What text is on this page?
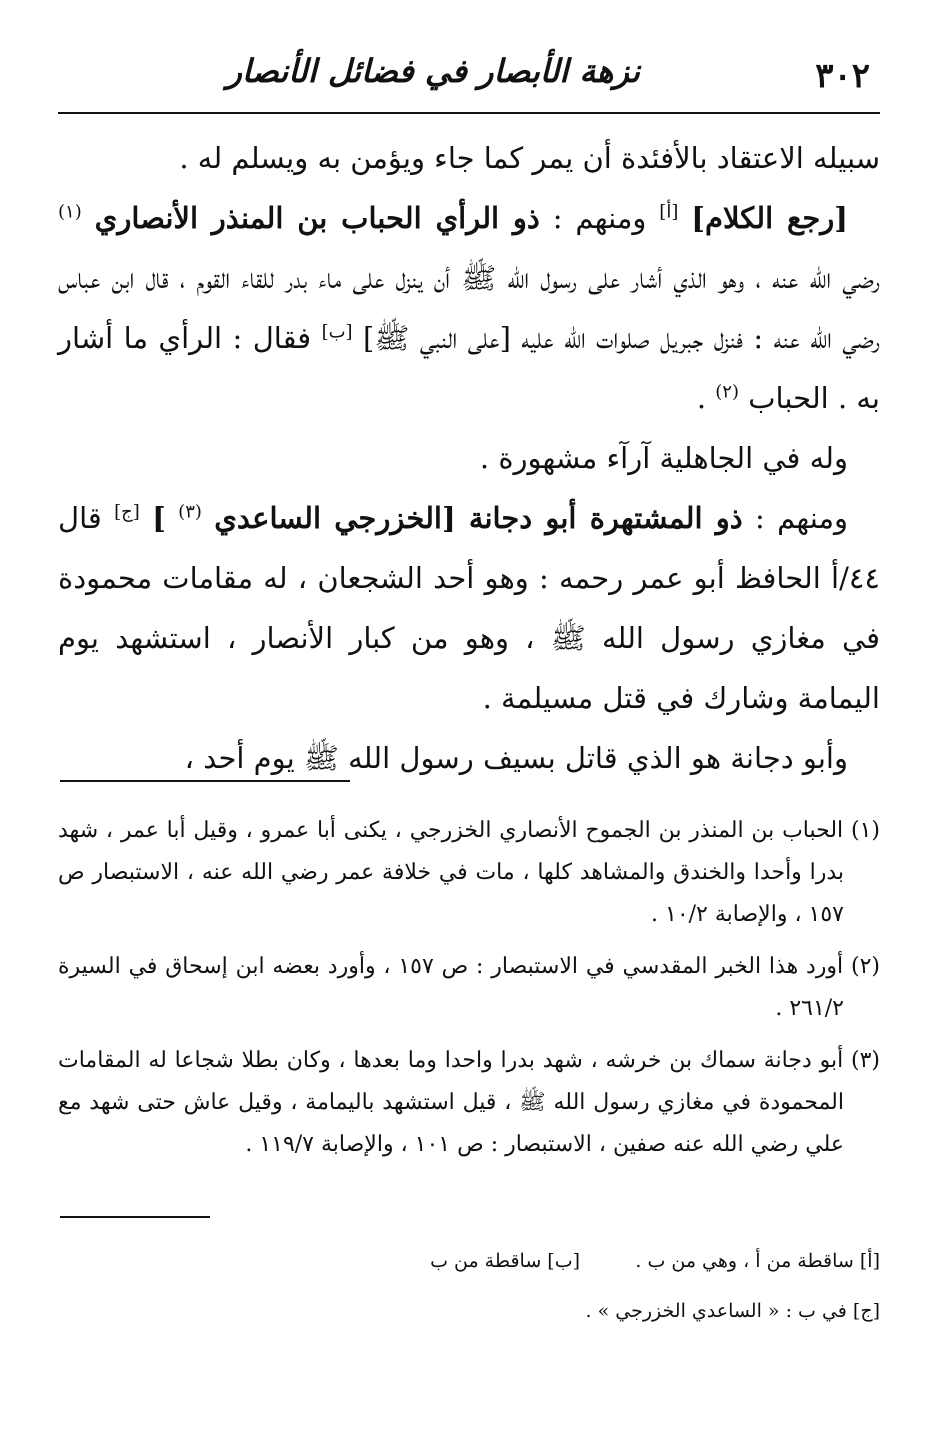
٣٠٢
نزهة الأبصار في فضائل الأنصار

سبيله الاعتقاد بالأفئدة أن يمر كما جاء ويؤمن به ويسلم له .

[رجع الكلام] [أ] ومنهم : ذو الرأي الحباب بن المنذر الأنصاري $^{(١)}$ رضي الله عنه ، وهو الذي أشار على رسول الله ﷺ أن ينزل على ماء بدر للقاء القوم ، قال ابن عباس رضي الله عنه : فنزل جبريل صلوات الله عليه [على النبي ﷺ] [ب] فقال : الرأي ما أشار به . الحباب $^{(٢)}$ .

وله في الجاهلية آرآء مشهورة .

ومنهم : ذو المشتهرة أبو دجانة [الخزرجي الساعدي $^{(٣)}$ ] [ج] قال ٤٤/أ الحافظ أبو عمر رحمه : وهو أحد الشجعان ، له مقامات محمودة في مغازي رسول الله ﷺ ، وهو من كبار الأنصار ، استشهد يوم اليمامة وشارك في قتل مسيلمة .

وأبو دجانة هو الذي قاتل بسيف رسول الله ﷺ يوم أحد ،

(١) الحباب بن المنذر بن الجموح الأنصاري الخزرجي ، يكنى أبا عمرو ، وقيل أبا عمر ، شهد بدرا وأحدا والخندق والمشاهد كلها ، مات في خلافة عمر رضي الله عنه ، الاستبصار ص ١٥٧ ، والإصابة ١٠/٢ .

(٢) أورد هذا الخبر المقدسي في الاستبصار : ص ١٥٧ ، وأورد بعضه ابن إسحاق في السيرة ٢٦١/٢ .

(٣) أبو دجانة سماك بن خرشه ، شهد بدرا واحدا وما بعدها ، وكان بطلا شجاعا له المقامات المحمودة في مغازي رسول الله ﷺ ، قيل استشهد باليمامة ، وقيل عاش حتى شهد مع علي رضي الله عنه صفين ، الاستبصار : ص ١٠١ ، والإصابة ١١٩/٧ .

[أ] ساقطة من أ ، وهي من ب .
[ب] ساقطة من ب
[ج] في ب : « الساعدي الخزرجي » .
